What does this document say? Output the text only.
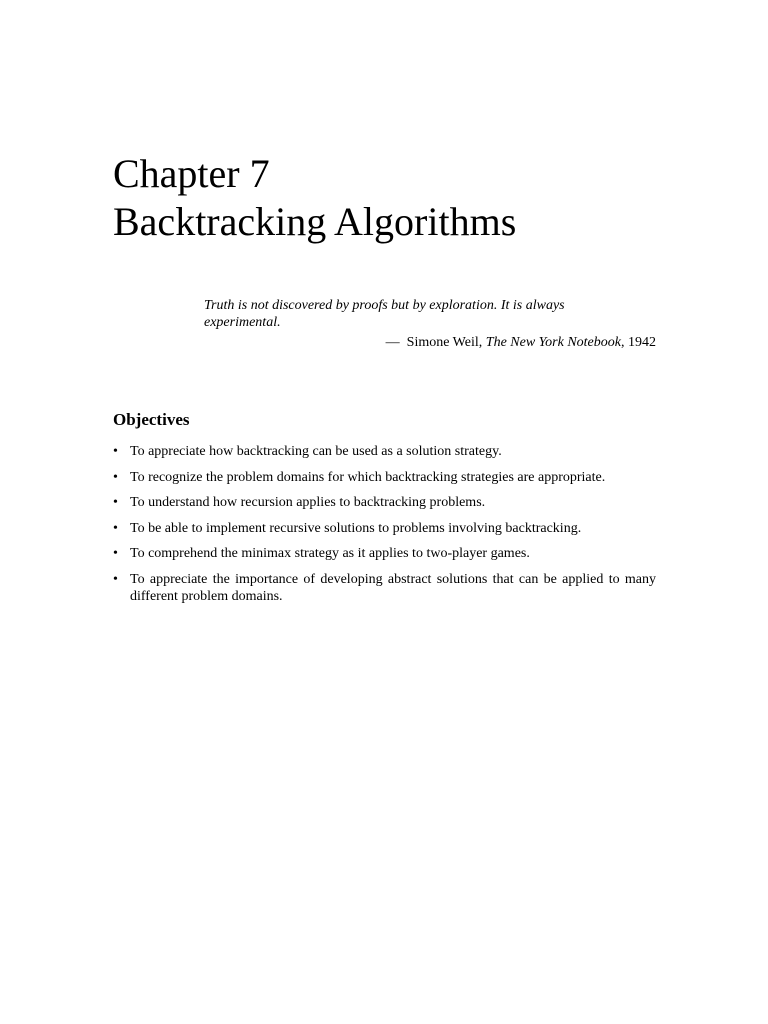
Chapter 7
Backtracking Algorithms

Truth is not discovered by proofs but by exploration. It is always experimental.

— Simone Weil, The New York Notebook, 1942

Objectives
• To appreciate how backtracking can be used as a solution strategy.
• To recognize the problem domains for which backtracking strategies are appropriate.
• To understand how recursion applies to backtracking problems.
• To be able to implement recursive solutions to problems involving backtracking.
• To comprehend the minimax strategy as it applies to two-player games.
• To appreciate the importance of developing abstract solutions that can be applied to many different problem domains.
